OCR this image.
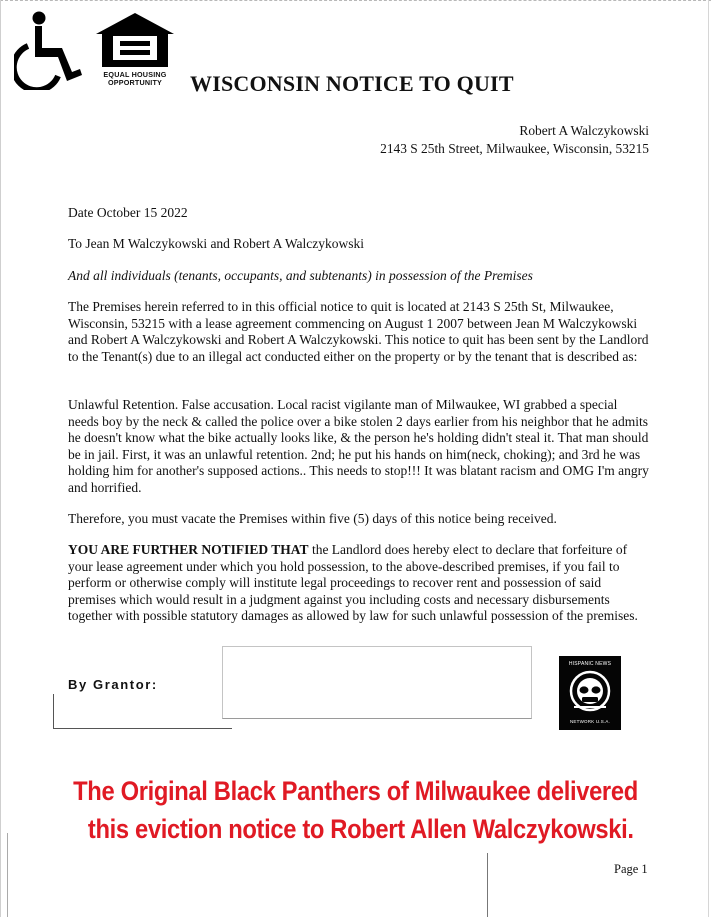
EQUAL HOUSING
OPPORTUNITY	WISCONSIN NOTICE TO QUIT
Robert A Walczykowski
2143 S 25th Street, Milwaukee, Wisconsin, 53215
Date October 15 2022
To Jean M Walczykowski and Robert A Walczykowski
And all individuals (tenants, occupants, and subtenants) in possession of the Premises
The Premises herein referred to in this official notice to quit is located at 2143 S 25th St, Milwaukee, Wisconsin, 53215 with a lease agreement commencing on August 1 2007 between Jean M Walczykowski and Robert A Walczykowski and Robert A Walczykowski. This notice to quit has been sent by the Landlord to the Tenant(s) due to an illegal act conducted either on the property or by the tenant that is described as:
Unlawful Retention. False accusation. Local racist vigilante man of Milwaukee, WI grabbed a special needs boy by the neck & called the police over a bike stolen 2 days earlier from his neighbor that he admits he doesn't know what the bike actually looks like, & the person he's holding didn't steal it. That man should be in jail. First, it was an unlawful retention. 2nd; he put his hands on him(neck, choking); and 3rd he was holding him for another's supposed actions.. This needs to stop!!! It was blatant racism and OMG I'm angry and horrified.
Therefore, you must vacate the Premises within five (5) days of this notice being received.
YOU ARE FURTHER NOTIFIED THAT the Landlord does hereby elect to declare that forfeiture of your lease agreement under which you hold possession, to the above-described premises, if you fail to perform or otherwise comply will institute legal proceedings to recover rent and possession of said premises which would result in a judgment against you including costs and necessary disbursements together with possible statutory damages as allowed by law for such unlawful possession of the premises.
By Grantor:
HISPANIC NEWS
NETWORK U.S.A.
The Original Black Panthers of Milwaukee delivered
this eviction notice to Robert Allen Walczykowski.
Page 1
